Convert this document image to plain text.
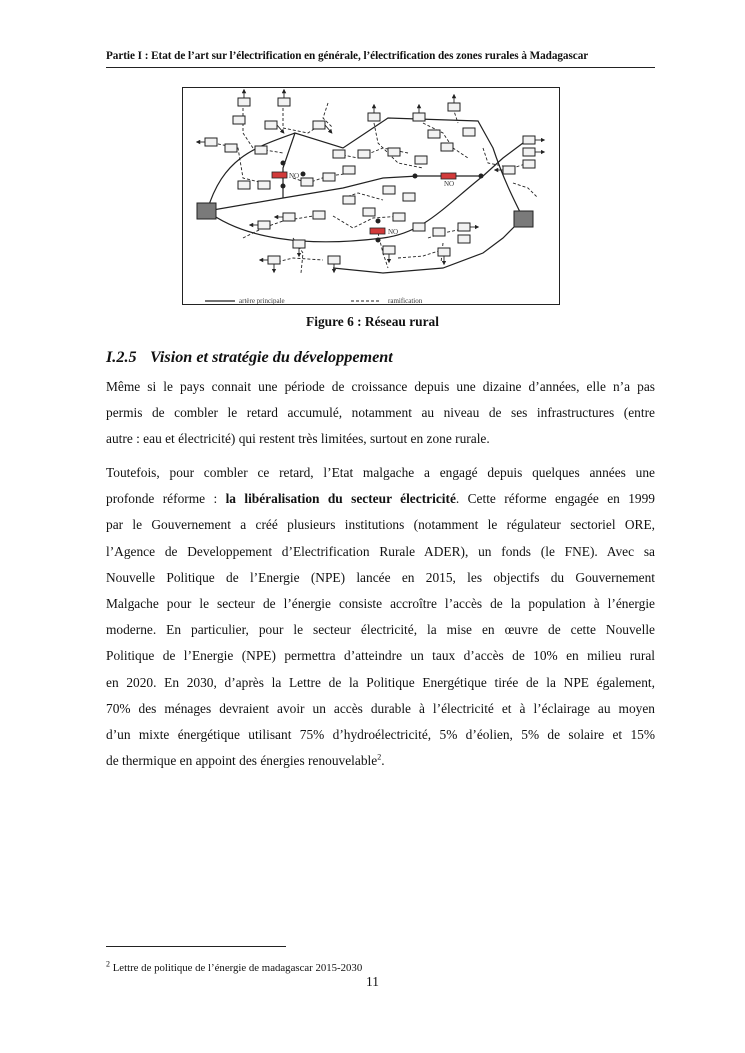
Partie I : Etat de l’art sur l’électrification en générale, l’électrification des zones rurales à Madagascar
NO
NO
NO
artère principale	ramification
Figure 6 : Réseau rural
I.2.5 Vision et stratégie du développement
Même si le pays connait une période de croissance depuis une dizaine d’années, elle n’a pas
permis de combler le retard accumulé, notamment au niveau de ses infrastructures (entre
autre : eau et électricité) qui restent très limitées, surtout en zone rurale.
Toutefois, pour combler ce retard, l’Etat malgache a engagé depuis quelques années une
profonde réforme : la libéralisation du secteur électricité. Cette réforme engagée en 1999
par le Gouvernement a créé plusieurs institutions (notamment le régulateur sectoriel ORE,
l’Agence de Developpement d’Electrification Rurale ADER), un fonds (le FNE). Avec sa
Nouvelle Politique de l’Energie (NPE) lancée en 2015, les objectifs du Gouvernement
Malgache pour le secteur de l’énergie consiste accroître l’accès de la population à l’énergie
moderne. En particulier, pour le secteur électricité, la mise en œuvre de cette Nouvelle
Politique de l’Energie (NPE) permettra d’atteindre un taux d’accès de 10% en milieu rural
en 2020. En 2030, d’après la Lettre de la Politique Energétique tirée de la NPE également,
70% des ménages devraient avoir un accès durable à l’électricité et à l’éclairage au moyen
d’un mixte énergétique utilisant 75% d’hydroélectricité, 5% d’éolien, 5% de solaire et 15%
de thermique en appoint des énergies renouvelable$^2$.
$^2$ Lettre de politique de l’énergie de madagascar 2015-2030
11
